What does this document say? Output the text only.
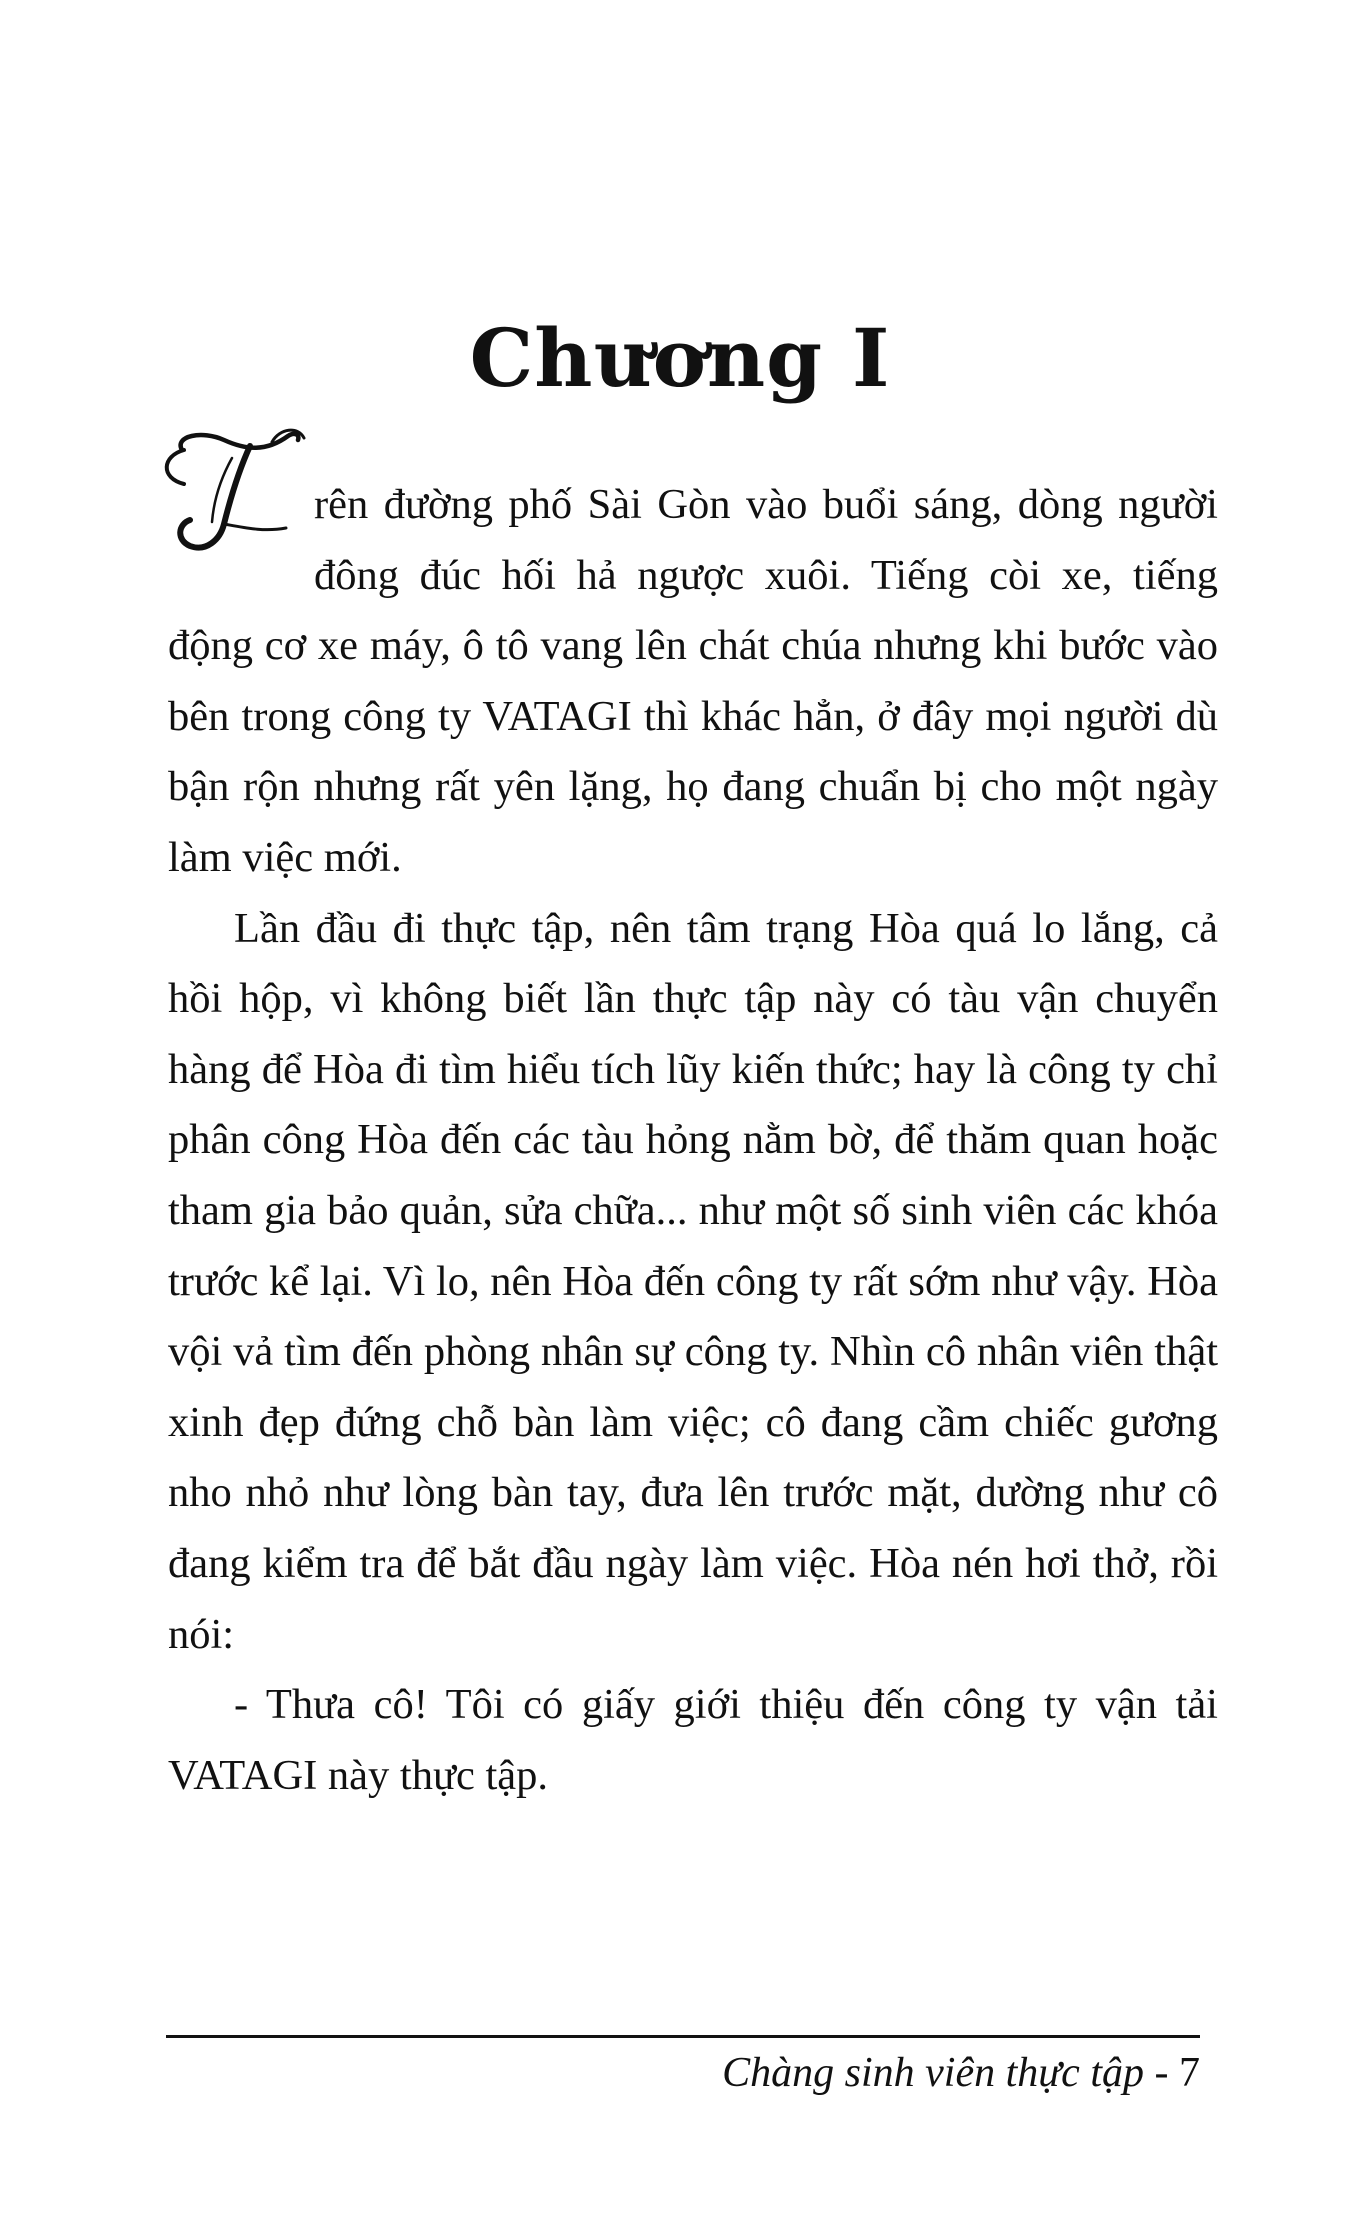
Chương I

rên đường phố Sài Gòn vào buổi sáng, dòng người đông đúc hối hả ngược xuôi. Tiếng còi xe, tiếng động cơ xe máy, ô tô vang lên chát chúa nhưng khi bước vào bên trong công ty VATAGI thì khác hẳn, ở đây mọi người dù bận rộn nhưng rất yên lặng, họ đang chuẩn bị cho một ngày làm việc mới.

Lần đầu đi thực tập, nên tâm trạng Hòa quá lo lắng, cả hồi hộp, vì không biết lần thực tập này có tàu vận chuyển hàng để Hòa đi tìm hiểu tích lũy kiến thức; hay là công ty chỉ phân công Hòa đến các tàu hỏng nằm bờ, để thăm quan hoặc tham gia bảo quản, sửa chữa... như một số sinh viên các khóa trước kể lại. Vì lo, nên Hòa đến công ty rất sớm như vậy. Hòa vội vả tìm đến phòng nhân sự công ty. Nhìn cô nhân viên thật xinh đẹp đứng chỗ bàn làm việc; cô đang cầm chiếc gương nho nhỏ như lòng bàn tay, đưa lên trước mặt, dường như cô đang kiểm tra để bắt đầu ngày làm việc. Hòa nén hơi thở, rồi nói:

- Thưa cô! Tôi có giấy giới thiệu đến công ty vận tải VATAGI này thực tập.

Chàng sinh viên thực tập - 7
